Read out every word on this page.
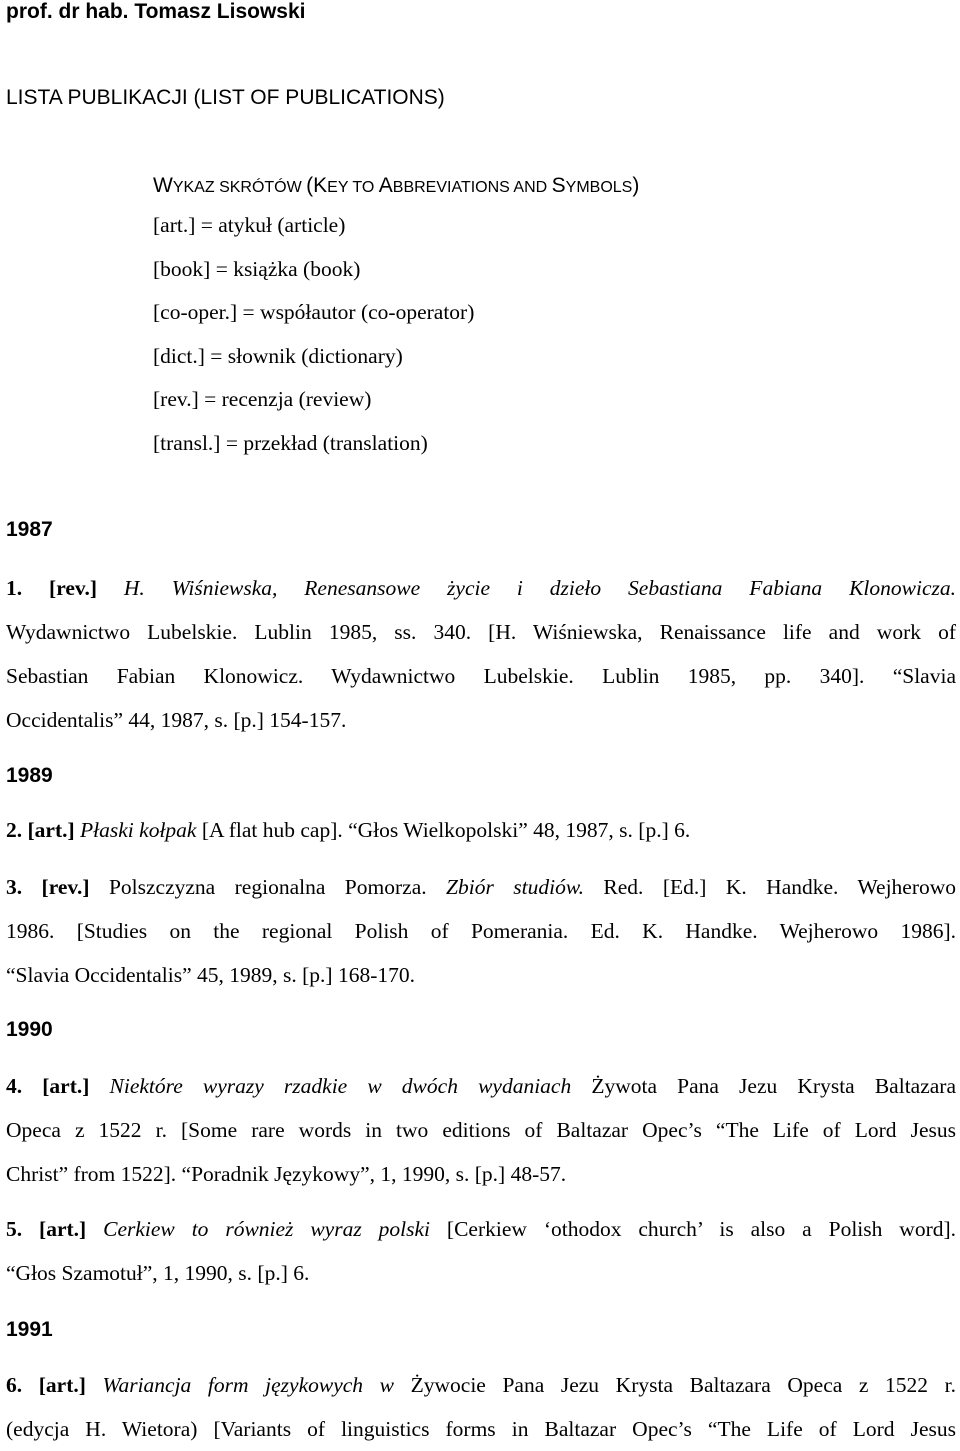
prof. dr hab. Tomasz Lisowski
LISTA PUBLIKACJI (LIST OF PUBLICATIONS)
WYKAZ SKRÓTÓW (KEY TO ABBREVIATIONS AND SYMBOLS)
[art.] = atykuł (article)
[book] = książka (book)
[co-oper.] = współautor (co-operator)
[dict.] = słownik (dictionary)
[rev.] = recenzja (review)
[transl.] = przekład (translation)
1987
1. [rev.] H. Wiśniewska, Renesansowe życie i dzieło Sebastiana Fabiana Klonowicza.
Wydawnictwo Lubelskie. Lublin 1985, ss. 340. [H. Wiśniewska, Renaissance life and work of
Sebastian Fabian Klonowicz. Wydawnictwo Lubelskie. Lublin 1985, pp. 340]. “Slavia
Occidentalis” 44, 1987, s. [p.] 154-157.
1989
2. [art.] Płaski kołpak [A flat hub cap]. “Głos Wielkopolski” 48, 1987, s. [p.] 6.
3. [rev.] Polszczyzna regionalna Pomorza. Zbiór studiów. Red. [Ed.] K. Handke. Wejherowo
1986. [Studies on the regional Polish of Pomerania. Ed. K. Handke. Wejherowo 1986].
“Slavia Occidentalis” 45, 1989, s. [p.] 168-170.
1990
4. [art.] Niektóre wyrazy rzadkie w dwóch wydaniach Żywota Pana Jezu Krysta Baltazara
Opeca z 1522 r. [Some rare words in two editions of Baltazar Opec’s “The Life of Lord Jesus
Christ” from 1522]. “Poradnik Językowy”, 1, 1990, s. [p.] 48-57.
5. [art.] Cerkiew to również wyraz polski [Cerkiew ‘othodox church’ is also a Polish word].
“Głos Szamotuł”, 1, 1990, s. [p.] 6.
1991
6. [art.] Wariancja form językowych w Żywocie Pana Jezu Krysta Baltazara Opeca z 1522 r.
(edycja H. Wietora) [Variants of linguistics forms in Baltazar Opec’s “The Life of Lord Jesus
